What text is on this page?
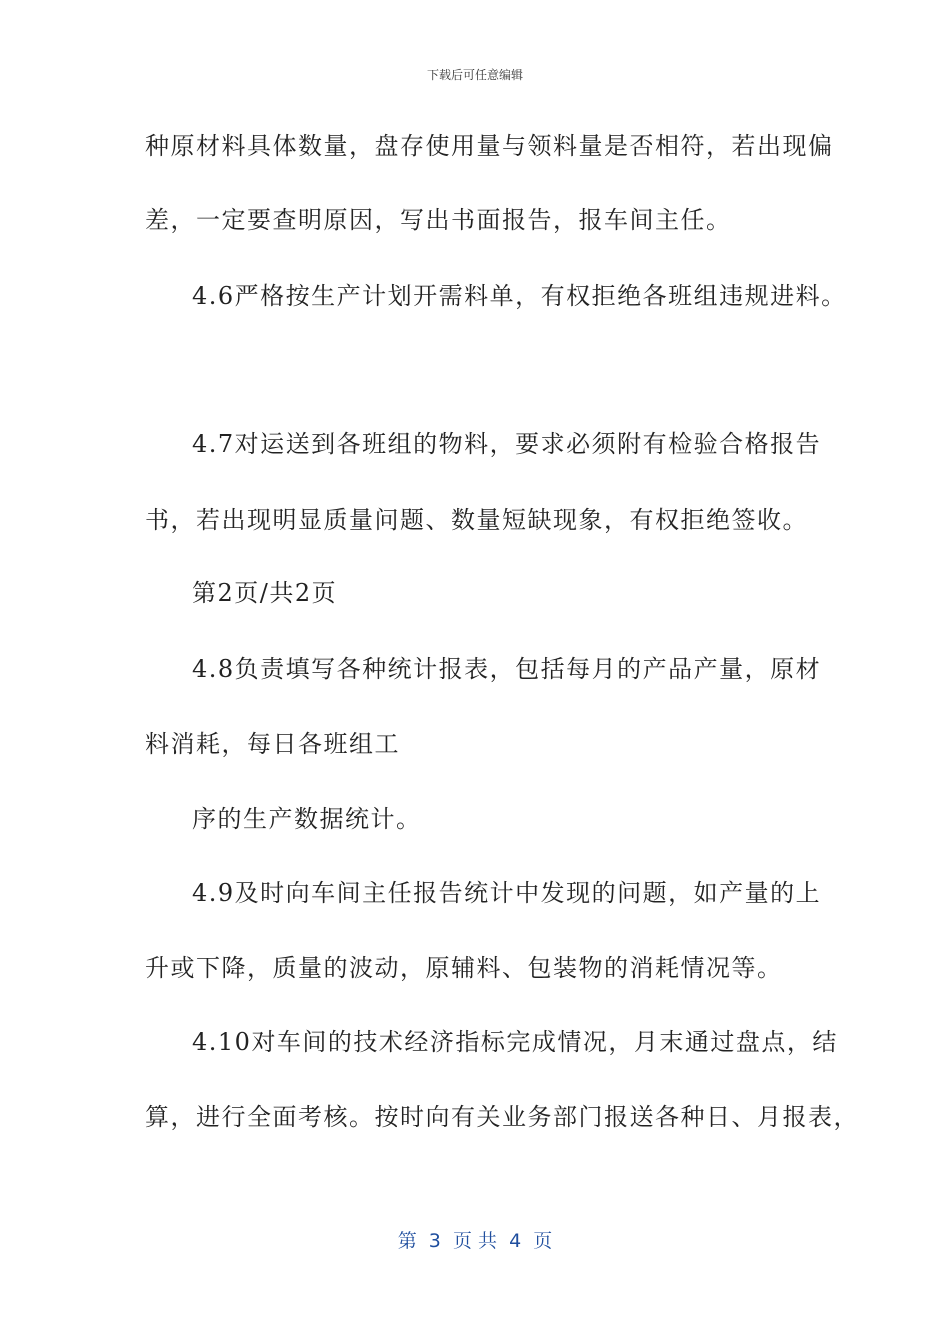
下载后可任意编辑
种原材料具体数量，盘存使用量与领料量是否相符，若出现偏
差，一定要查明原因，写出书面报告，报车间主任。
4.6严格按生产计划开需料单，有权拒绝各班组违规进料。
4.7对运送到各班组的物料，要求必须附有检验合格报告
书，若出现明显质量问题、数量短缺现象，有权拒绝签收。
第2页/共2页
4.8负责填写各种统计报表，包括每月的产品产量，原材
料消耗，每日各班组工
序的生产数据统计。
4.9及时向车间主任报告统计中发现的问题，如产量的上
升或下降，质量的波动，原辅料、包装物的消耗情况等。
4.10对车间的技术经济指标完成情况，月末通过盘点，结
算，进行全面考核。按时向有关业务部门报送各种日、月报表，
第  3  页 共  4  页
